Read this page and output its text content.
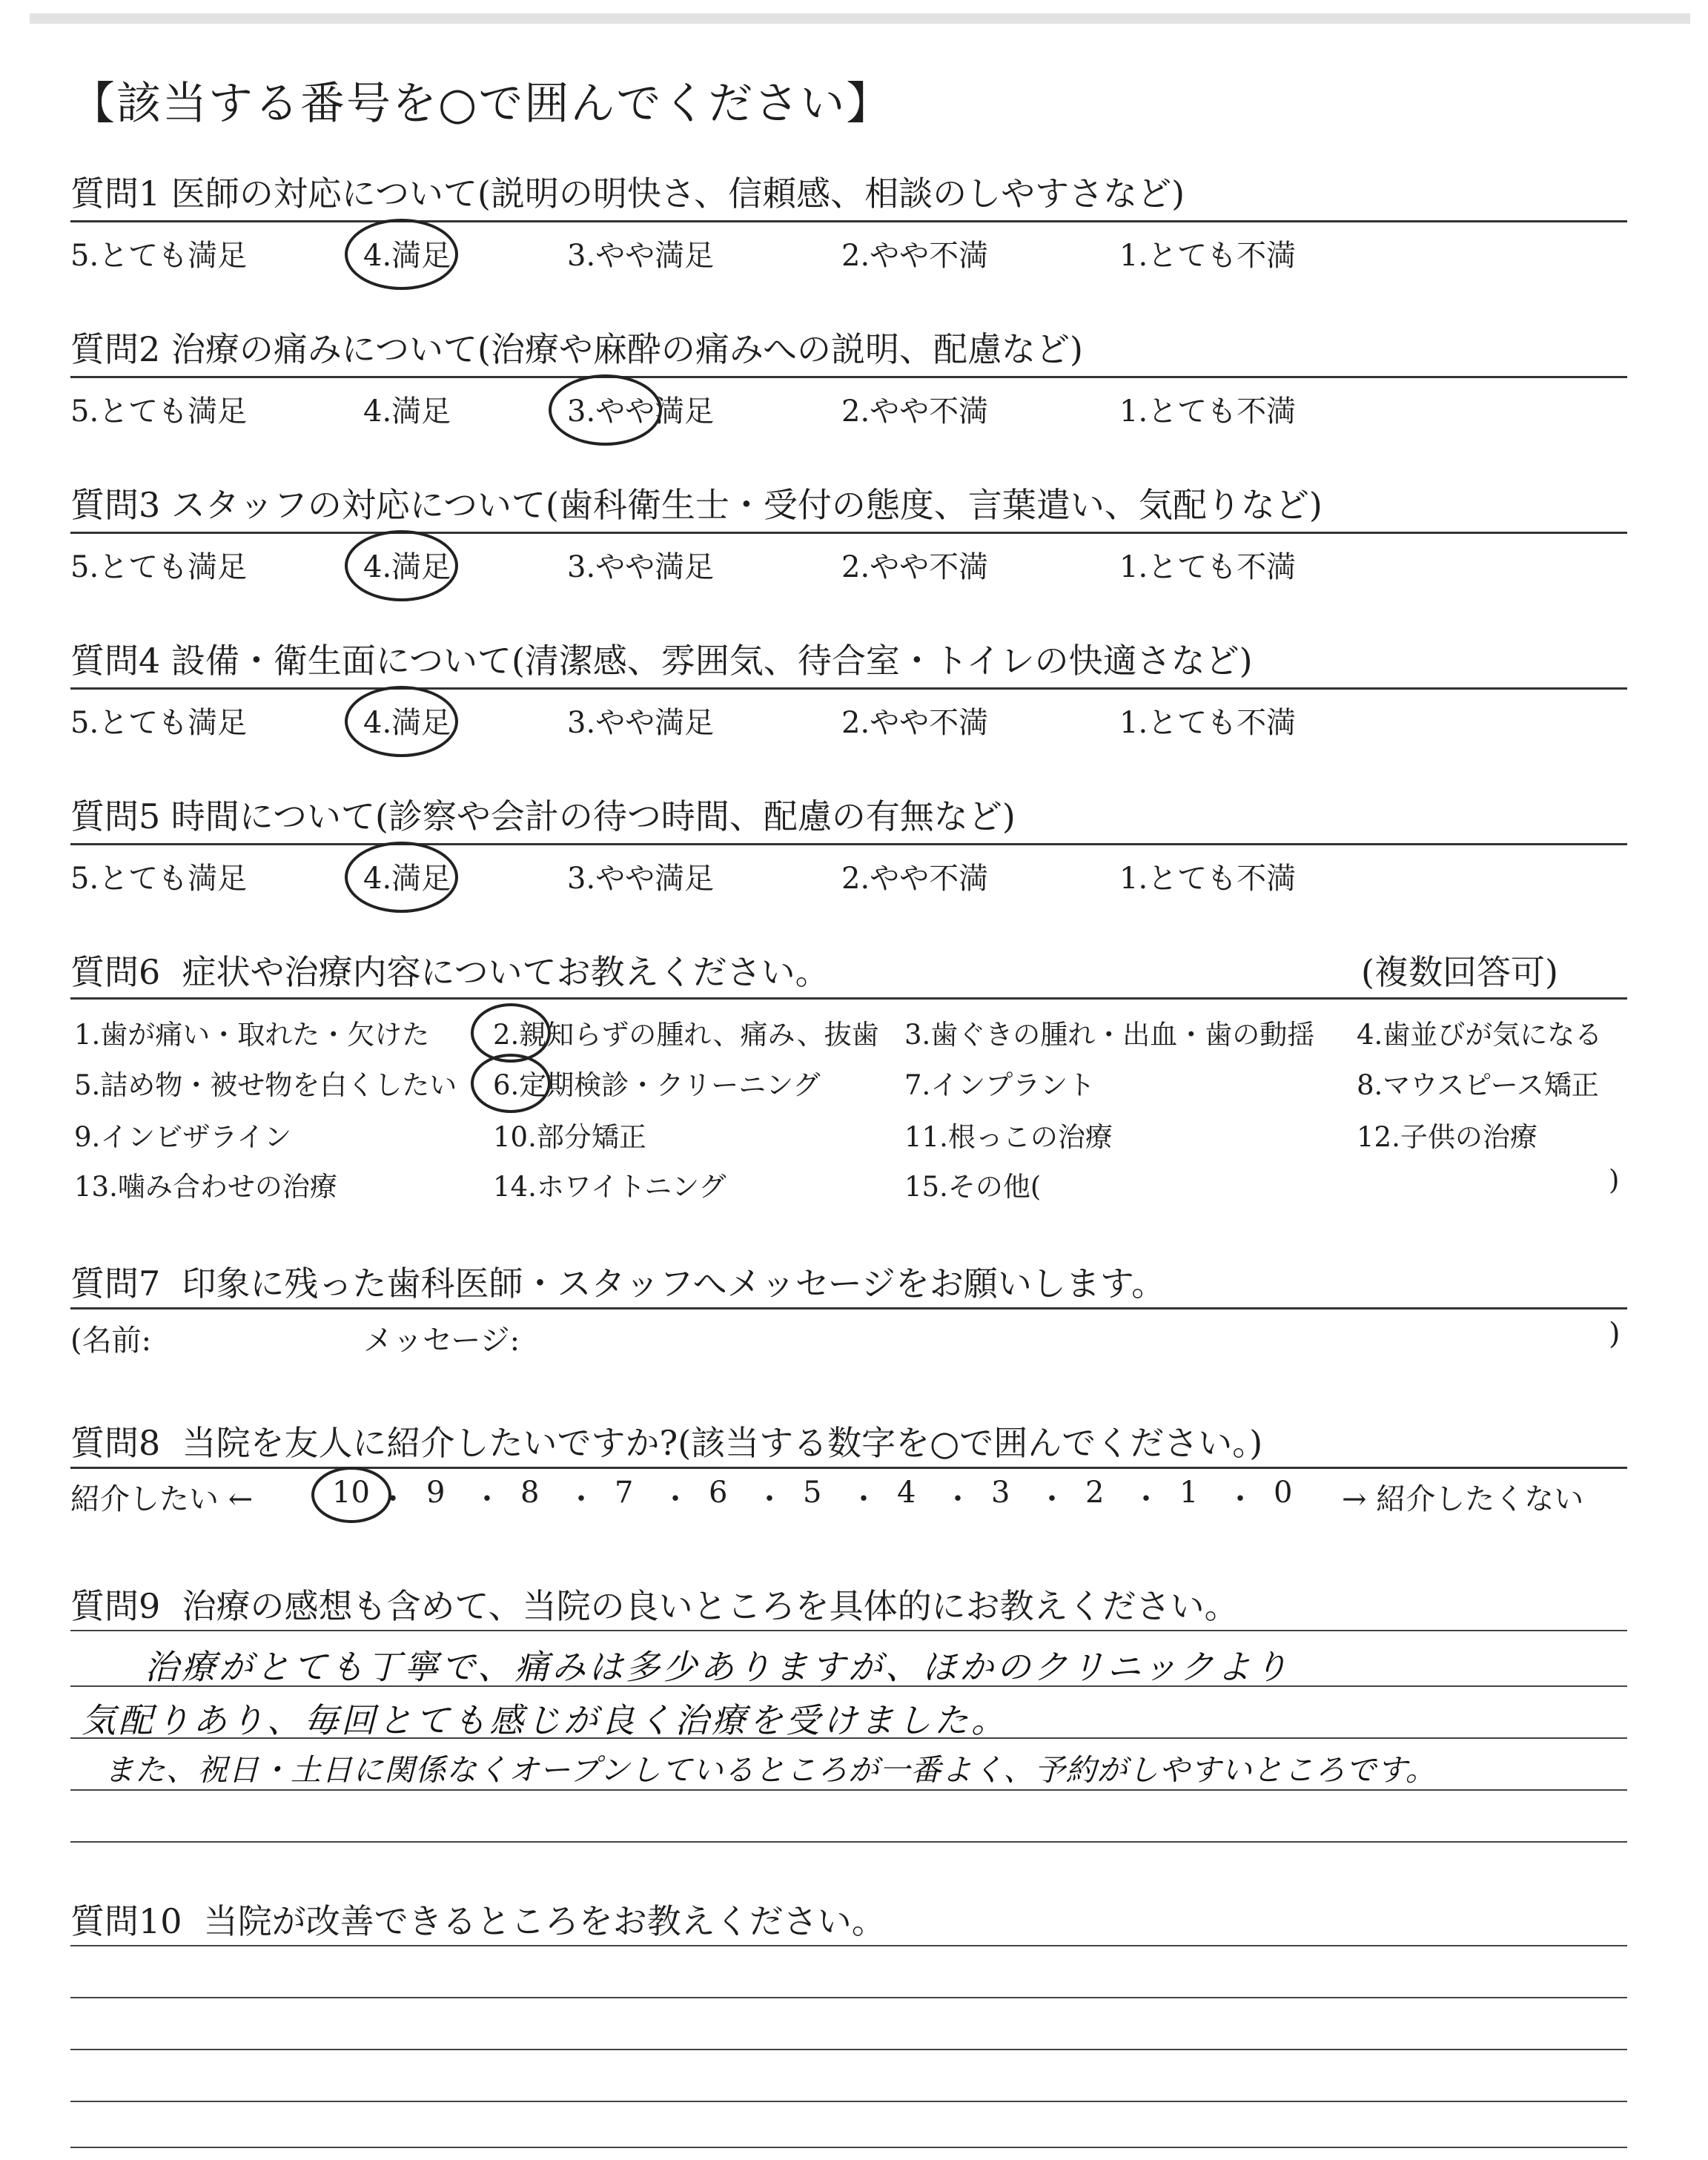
【該当する番号を○で囲んでください】
質問1 医師の対応について(説明の明快さ、信頼感、相談のしやすさなど)
5.とても満足	4.満足	3.やや満足	2.やや不満	1.とても不満
質問2 治療の痛みについて(治療や麻酔の痛みへの説明、配慮など)
5.とても満足	4.満足	3.やや満足	2.やや不満	1.とても不満
質問3 スタッフの対応について(歯科衛生士・受付の態度、言葉遣い、気配りなど)
5.とても満足	4.満足	3.やや満足	2.やや不満	1.とても不満
質問4 設備・衛生面について(清潔感、雰囲気、待合室・トイレの快適さなど)
5.とても満足	4.満足	3.やや満足	2.やや不満	1.とても不満
質問5 時間について(診察や会計の待つ時間、配慮の有無など)
5.とても満足	4.満足	3.やや満足	2.やや不満	1.とても不満
質問6 症状や治療内容についてお教えください。	(複数回答可)
1.歯が痛い・取れた・欠けた 2.親知らずの腫れ、痛み、抜歯 3.歯ぐきの腫れ・出血・歯の動揺 4.歯並びが気になる
5.詰め物・被せ物を白くしたい 6.定期検診・クリーニング	7.インプラント	8.マウスピース矯正
9.インビザライン	10.部分矯正	11.根っこの治療	12.子供の治療
13.噛み合わせの治療	14.ホワイトニング	15.その他(	)
質問7 印象に残った歯科医師・スタッフへメッセージをお願いします。
(名前:	メッセージ:	)
質問8 当院を友人に紹介したいですか?(該当する数字を○で囲んでください。)
紹介したい ←	→ 紹介したくない
10 ・ 9 ・ 8 ・ 7 ・ 6 ・ 5 ・ 4 ・ 3 ・ 2 ・ 1 ・ 0
質問9 治療の感想も含めて、当院の良いところを具体的にお教えください。
治療がとても丁寧で、痛みは多少ありますが、ほかのクリニックより
気配りあり、毎回とても感じが良く治療を受けました。
また、祝日・土日に関係なくオープンしているところが一番よく、予約がしやすいところです。
質問10 当院が改善できるところをお教えください。
